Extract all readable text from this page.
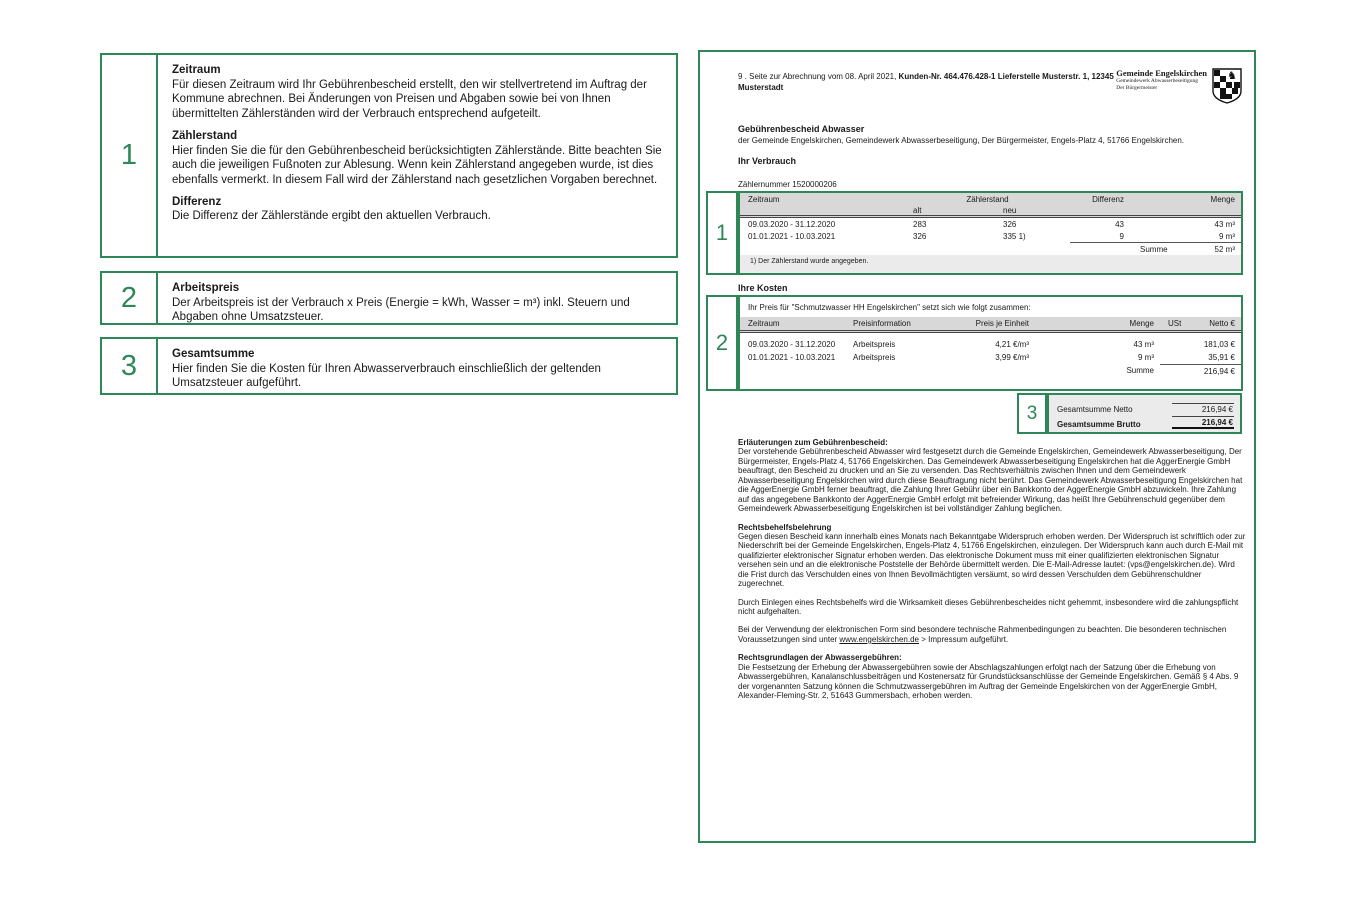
1
Zeitraum

Für diesen Zeitraum wird Ihr Gebührenbescheid erstellt, den wir stellvertretend im Auftrag der Kommune abrechnen. Bei Änderungen von Preisen und Abgaben sowie bei von Ihnen übermittelten Zählerständen wird der Verbrauch entsprechend aufgeteilt.

Zählerstand

Hier finden Sie die für den Gebührenbescheid berücksichtigten Zählerstände. Bitte beachten Sie auch die jeweiligen Fußnoten zur Ablesung. Wenn kein Zählerstand angegeben wurde, ist dies ebenfalls vermerkt. In diesem Fall wird der Zählerstand nach gesetzlichen Vorgaben berechnet.

Differenz

Die Differenz der Zählerstände ergibt den aktuellen Verbrauch.

2	Arbeitspreis

Der Arbeitspreis ist der Verbrauch x Preis (Energie = kWh, Wasser = m³) inkl. Steuern und Abgaben ohne Umsatzsteuer.

3	Gesamtsumme

Hier finden Sie die Kosten für Ihren Abwasserverbrauch einschließlich der geltenden Umsatzsteuer aufgeführt.

9 . Seite zur Abrechnung vom 08. April 2021, Kunden-Nr. 464.476.428-1 Lieferstelle Musterstr. 1, 12345 Musterstadt
Gemeinde Engelskirchen
Gemeindewerk Abwasserbeseitigung
Der Bürgermeister
♞
Gebührenbescheid Abwasser
der Gemeinde Engelskirchen, Gemeindewerk Abwasserbeseitigung, Der Bürgermeister, Engels-Platz 4, 51766 Engelskirchen.
Ihr Verbrauch
Zählernummer 1520000206
1
Zeitraum	Zählerstand	Differenz	Menge
alt	neu
09.03.2020 - 31.12.2020	283	326	43	43 m³
01.01.2021 - 10.03.2021	326	335 1)	9	9 m³
Summe	52 m³
1) Der Zählerstand wurde angegeben.
Ihre Kosten
2
Ihr Preis für "Schmutzwasser HH Engelskirchen" setzt sich wie folgt zusammen:
Zeitraum	Preisinformation	Preis je Einheit	Menge	USt	Netto €
09.03.2020 - 31.12.2020	Arbeitspreis	4,21 €/m³	43 m³	181,03 €
01.01.2021 - 10.03.2021	Arbeitspreis	3,99 €/m³	9 m³	35,91 €
Summe	216,94 €
3 Gesamtsumme Netto	216,94 €
Gesamtsumme Brutto	216,94 €
Erläuterungen zum Gebührenbescheid:

Der vorstehende Gebührenbescheid Abwasser wird festgesetzt durch die Gemeinde Engelskirchen, Gemeindewerk Abwasserbeseitigung, Der Bürgermeister, Engels-Platz 4, 51766 Engelskirchen. Das Gemeindewerk Abwasserbeseitigung Engelskirchen hat die AggerEnergie GmbH beauftragt, den Bescheid zu drucken und an Sie zu versenden. Das Rechtsverhältnis zwischen Ihnen und dem Gemeindewerk Abwasserbeseitigung Engelskirchen wird durch diese Beauftragung nicht berührt. Das Gemeindewerk Abwasserbeseitigung Engelskirchen hat die AggerEnergie GmbH ferner beauftragt, die Zahlung Ihrer Gebühr über ein Bankkonto der AggerEnergie GmbH abzuwickeln. Ihre Zahlung auf das angegebene Bankkonto der AggerEnergie GmbH erfolgt mit befreiender Wirkung, das heißt Ihre Gebührenschuld gegenüber dem Gemeindewerk Abwasserbeseitigung Engelskirchen ist bei vollständiger Zahlung beglichen.

Rechtsbehelfsbelehrung

Gegen diesen Bescheid kann innerhalb eines Monats nach Bekanntgabe Widerspruch erhoben werden. Der Widerspruch ist schriftlich oder zur Niederschrift bei der Gemeinde Engelskirchen, Engels-Platz 4, 51766 Engelskirchen, einzulegen. Der Widerspruch kann auch durch E-Mail mit qualifizierter elektronischer Signatur erhoben werden. Das elektronische Dokument muss mit einer qualifizierten elektronischen Signatur versehen sein und an die elektronische Poststelle der Behörde übermittelt werden. Die E-Mail-Adresse lautet: (vps@engelskirchen.de). Wird die Frist durch das Verschulden eines von Ihnen Bevollmächtigten versäumt, so wird dessen Verschulden dem Gebührenschuldner zugerechnet.

Durch Einlegen eines Rechtsbehelfs wird die Wirksamkeit dieses Gebührenbescheides nicht gehemmt, insbesondere wird die zahlungspflicht nicht aufgehalten.

Bei der Verwendung der elektronischen Form sind besondere technische Rahmenbedingungen zu beachten. Die besonderen technischen Voraussetzungen sind unter www.engelskirchen.de > Impressum aufgeführt.

Rechtsgrundlagen der Abwassergebühren:

Die Festsetzung der Erhebung der Abwassergebühren sowie der Abschlagszahlungen erfolgt nach der Satzung über die Erhebung von Abwassergebühren, Kanalanschlussbeiträgen und Kostenersatz für Grundstücksanschlüsse der Gemeinde Engelskirchen. Gemäß § 4 Abs. 9 der vorgenannten Satzung können die Schmutzwassergebühren im Auftrag der Gemeinde Engelskirchen von der AggerEnergie GmbH, Alexander-Fleming-Str. 2, 51643 Gummersbach, erhoben werden.
